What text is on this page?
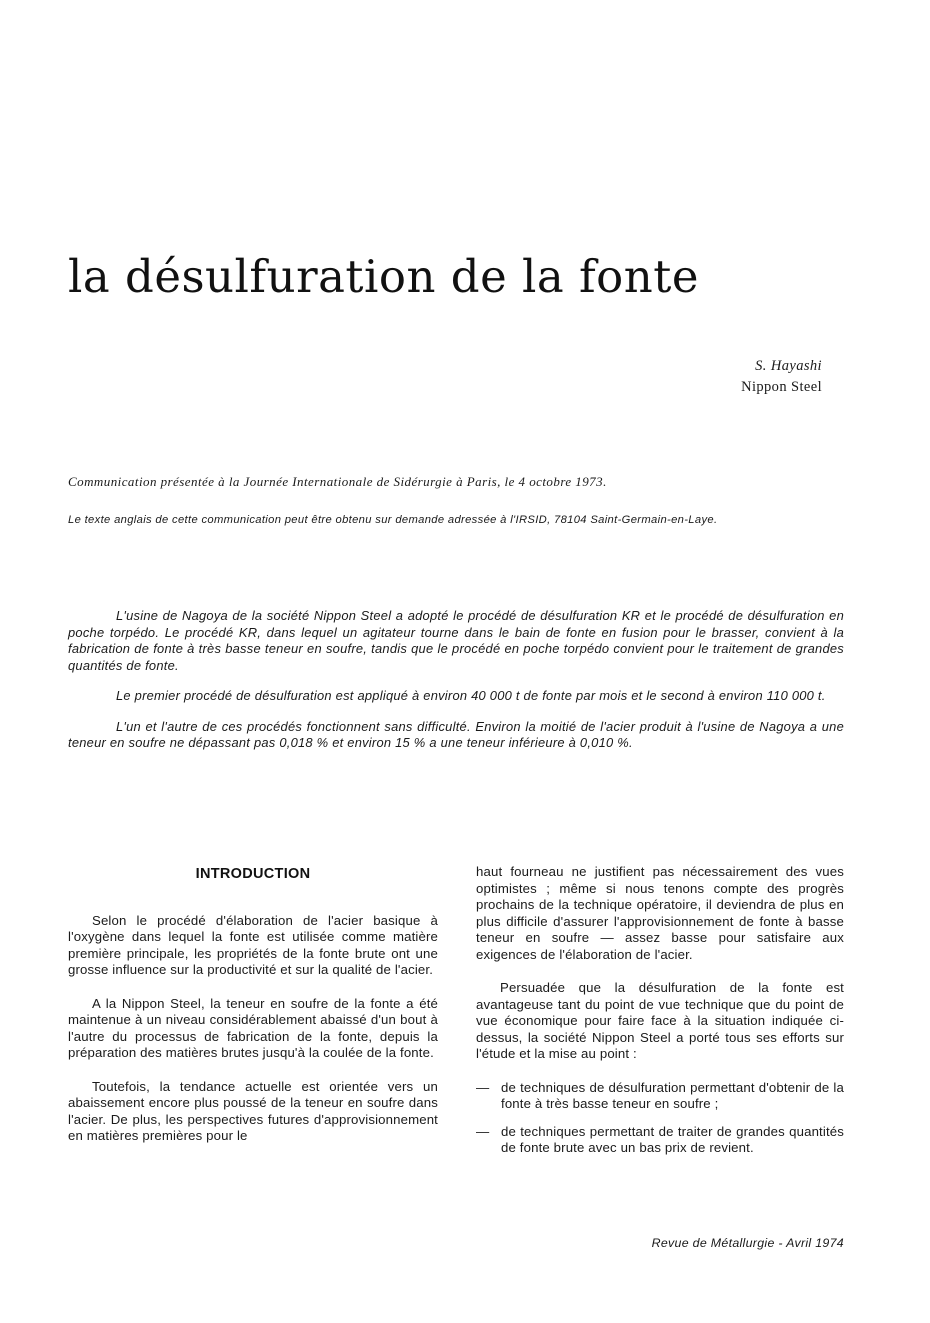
la désulfuration de la fonte
S. Hayashi
Nippon Steel

Communication présentée à la Journée Internationale de Sidérurgie à Paris, le 4 octobre 1973.

Le texte anglais de cette communication peut être obtenu sur demande adressée à l'IRSID, 78104 Saint-Germain-en-Laye.

L'usine de Nagoya de la société Nippon Steel a adopté le procédé de désulfuration KR et le procédé de désulfuration en poche torpédo. Le procédé KR, dans lequel un agitateur tourne dans le bain de fonte en fusion pour le brasser, convient à la fabrication de fonte à très basse teneur en soufre, tandis que le procédé en poche torpédo convient pour le traitement de grandes quantités de fonte.

Le premier procédé de désulfuration est appliqué à environ 40 000 t de fonte par mois et le second à environ 110 000 t.

L'un et l'autre de ces procédés fonctionnent sans difficulté. Environ la moitié de l'acier produit à l'usine de Nagoya a une teneur en soufre ne dépassant pas 0,018 % et environ 15 % a une teneur inférieure à 0,010 %.

INTRODUCTION

Selon le procédé d'élaboration de l'acier basique à l'oxygène dans lequel la fonte est utilisée comme matière première principale, les propriétés de la fonte brute ont une grosse influence sur la productivité et sur la qualité de l'acier.

A la Nippon Steel, la teneur en soufre de la fonte a été maintenue à un niveau considérablement abaissé d'un bout à l'autre du processus de fabrication de la fonte, depuis la préparation des matières brutes jusqu'à la coulée de la fonte.

Toutefois, la tendance actuelle est orientée vers un abaissement encore plus poussé de la teneur en soufre dans l'acier. De plus, les perspectives futures d'approvisionnement en matières premières pour le

haut fourneau ne justifient pas nécessairement des vues optimistes ; même si nous tenons compte des progrès prochains de la technique opératoire, il deviendra de plus en plus difficile d'assurer l'approvisionnement de fonte à basse teneur en soufre — assez basse pour satisfaire aux exigences de l'élaboration de l'acier.

Persuadée que la désulfuration de la fonte est avantageuse tant du point de vue technique que du point de vue économique pour faire face à la situation indiquée ci-dessus, la société Nippon Steel a porté tous ses efforts sur l'étude et la mise au point :

— de techniques de désulfuration permettant d'obtenir de la fonte à très basse teneur en soufre ;
— de techniques permettant de traiter de grandes quantités de fonte brute avec un bas prix de revient.
Revue de Métallurgie - Avril 1974
